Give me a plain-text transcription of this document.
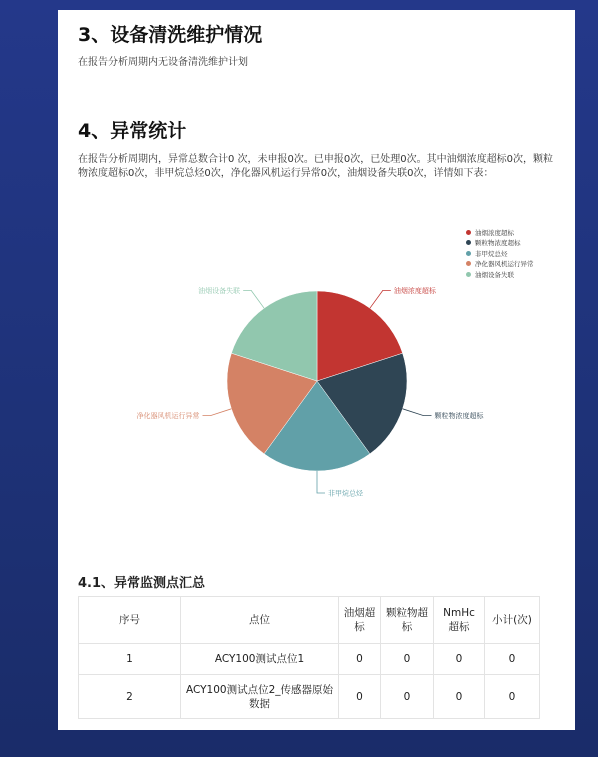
3、设备清洗维护情况

在报告分析周期内无设备清洗维护计划

4、异常统计

在报告分析周期内，异常总数合计0 次，未申报0次。已申报0次，已处理0次。其中油烟浓度超标0次，颗粒物浓度超标0次，非甲烷总烃0次，净化器风机运行异常0次，油烟设备失联0次，详情如下表：

油烟浓度超标
颗粒物浓度超标
非甲烷总烃
净化器风机运行异常
油烟设备失联
油烟浓度超标
颗粒物浓度超标
非甲烷总烃
净化器风机运行异常
油烟设备失联
4.1、异常监测点汇总
序号	点位	油烟超标	颗粒物超标	NmHc超标	小计(次)
1	ACY100测试点位1	0	0	0	0
2	ACY100测试点位2_传感器原始数据	0	0	0	0
